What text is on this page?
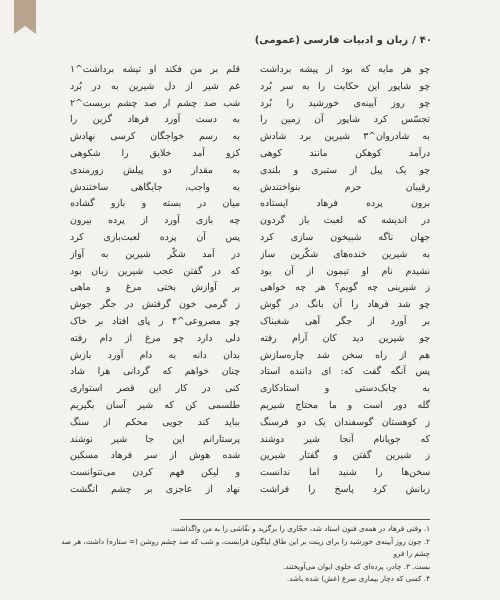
۴۰/زبان و ادبیات فارسی (عمومی)
چو هر مایه که بود از پیشه برداشت
چو شاپور این حکایت را به سر بُرد
چو روز آیینه‌ی خورشید را بُرد
تجسّس کرد شاپور آن زمین را
به شادروان^۳ شیرین برد شادش
درآمد کوهکن مانند کوهی
چو یک پیل از ستبری و بلندی
رقیبان حرم بنواختندش
برون پرده فرهاد ایستاده
در اندیشه که لعبت باز گردون
جهان ناگه شبیخون سازی کرد
به شیرین خنده‌های شکّرین ساز
نشیدم نام او تیمون از آن بود
ز شیرینی چه گویم؟ هر چه خواهی
چو شد فرهاد را آن بانگ در گوش
بر آورد از جگر آهی شغبناک
چو شیرین دید کان آرام رفته
هم از راه سخن شد چاره‌سازش
پس آنگه گفت که: ای داننده استاد
به چابک‌دستی و استادکاری
گله دور است و ما محتاج شیریم
ز کوهستان گوسفندان یک دو فرسنگ
که جویانام آنجا شیر دوشند
ز شیرین گفتن و گفتار شیرین
سخن‌ها را شنید اما ندانست
زبانش کرد پاسخ را فراشت
قلم بر من فکند او تیشه برداشت^۱
غم شیر از دل شیرین به در بُرد
شب صد چشم ار صد چشم بربست^۲
به دست آورد فرهاد گزین را
به رسم خواجگان کرسی نهادش
کزو آمد خلایق را شکوهی
به مقدار دو پیلش زورمندی
به واجب، جایگاهی ساختندش
میان در بسته و بازو گشاده
چه بازی آورد از پرده بیرون
پس آن پرده لعبت‌بازی کرد
در آمد شکّر شیرین به آواز
که در گفتن عجب شیرین زبان بود
بر آوازش بختی مرغ و ماهی
ز گرمی خون گرفتش در جگر جوش
چو مصروعی^۴ ز پای افتاد بر خاک
دلی دارد چو مرغ از دام رفته
بدان دانه به دام آورد بازش
چنان خواهم که گردانی هرا شاد
کنی در کار این قصر استواری
طلسمی کن که شیر آسان بگیریم
بباید کند جویی محکم از سنگ
پرستارانم این جا شیر نوشند
شده هوش از سر فرهاد مسکین
و لیکن فهم کردن می‌نتوانست
نهاد از عاجزی بر چشم انگشت
۱. وقتی فرهاد در همه‌ی فنون استاد شد، حجّاری را برگزید و نقّاشی را به من واگذاشت.
۲. چون روز آیینه‌ی خورشید را برای زینت بر این طاق لیلگون قرابست، و شب که صد چشم روشن (= ستاره) داشت، هر صد چشم را فرو
بست. ۳. چادر، پرده‌ای که جلوی ایوان می‌آویختند.
۴. کسی که دچار بیماری صرع (غش) شده باشد.
